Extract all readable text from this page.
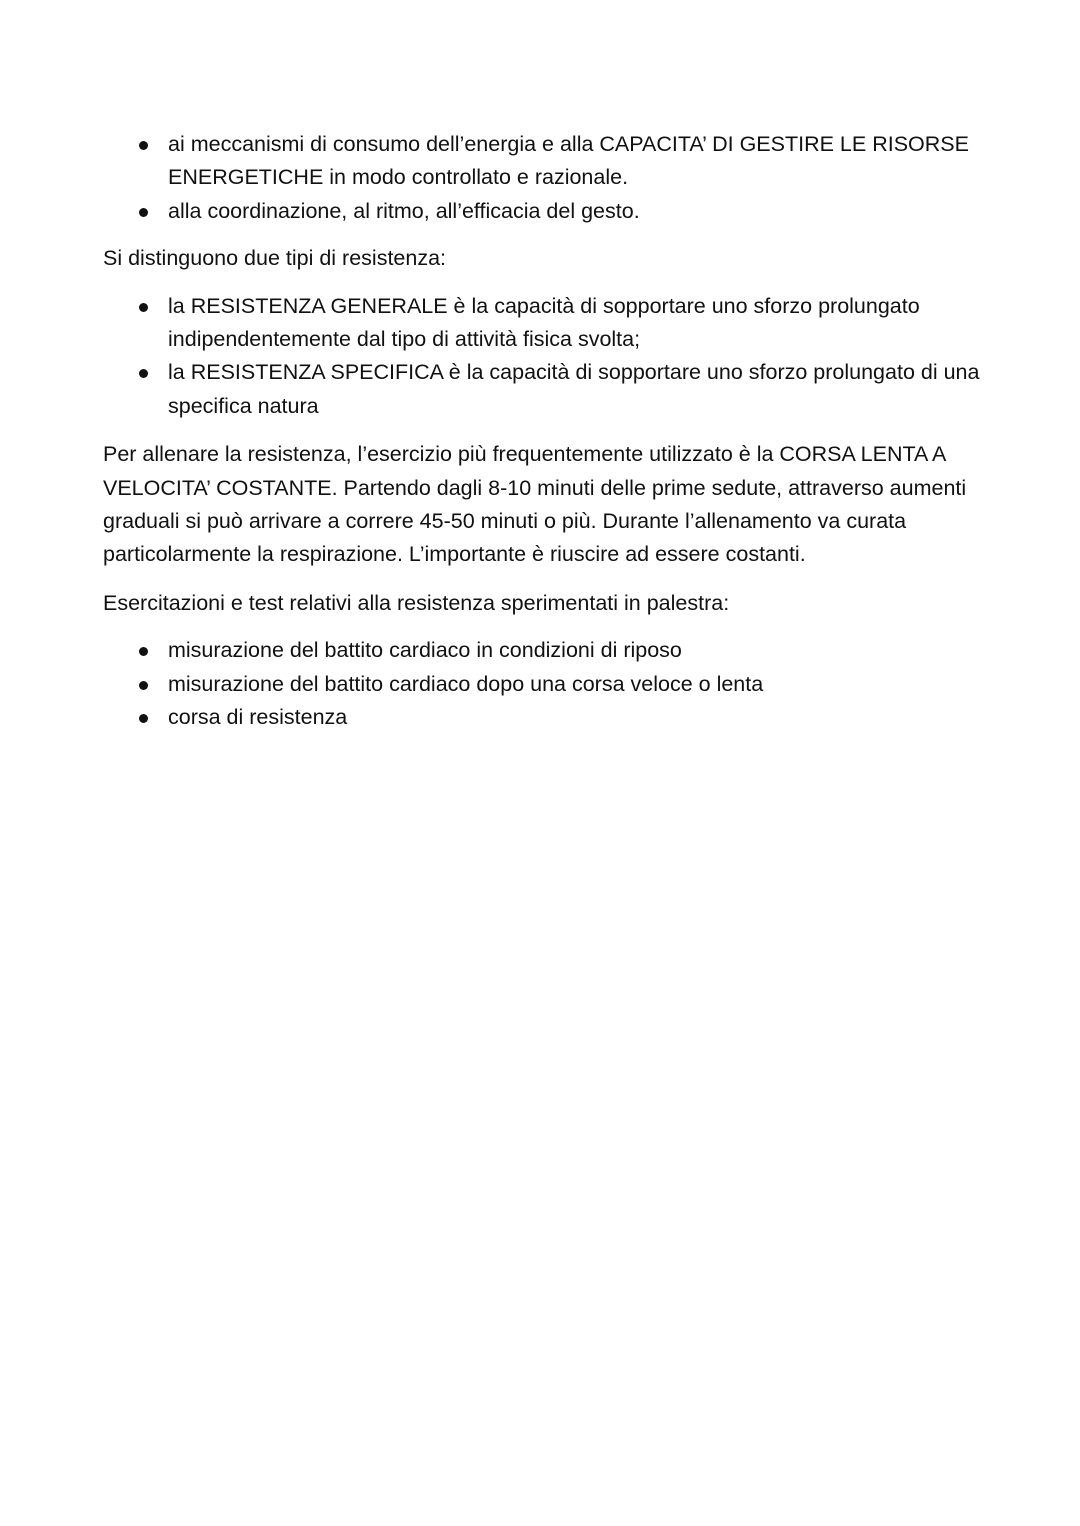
ai meccanismi di consumo dell’energia e alla CAPACITA’ DI GESTIRE LE RISORSE ENERGETICHE in modo controllato e razionale.
alla coordinazione, al ritmo, all’efficacia del gesto.

Si distinguono due tipi di resistenza:

la RESISTENZA GENERALE è la capacità di sopportare uno sforzo prolungato indipendentemente dal tipo di attività fisica svolta;
la RESISTENZA SPECIFICA è la capacità di sopportare uno sforzo prolungato di una specifica natura

Per allenare la resistenza, l’esercizio più frequentemente utilizzato è la CORSA LENTA A VELOCITA’ COSTANTE. Partendo dagli 8-10 minuti delle prime sedute, attraverso aumenti graduali si può arrivare a correre 45-50 minuti o più. Durante l’allenamento va curata particolarmente la respirazione. L’importante è riuscire ad essere costanti.

Esercitazioni e test relativi alla resistenza sperimentati in palestra:

misurazione del battito cardiaco in condizioni di riposo
misurazione del battito cardiaco dopo una corsa veloce o lenta
corsa di resistenza
